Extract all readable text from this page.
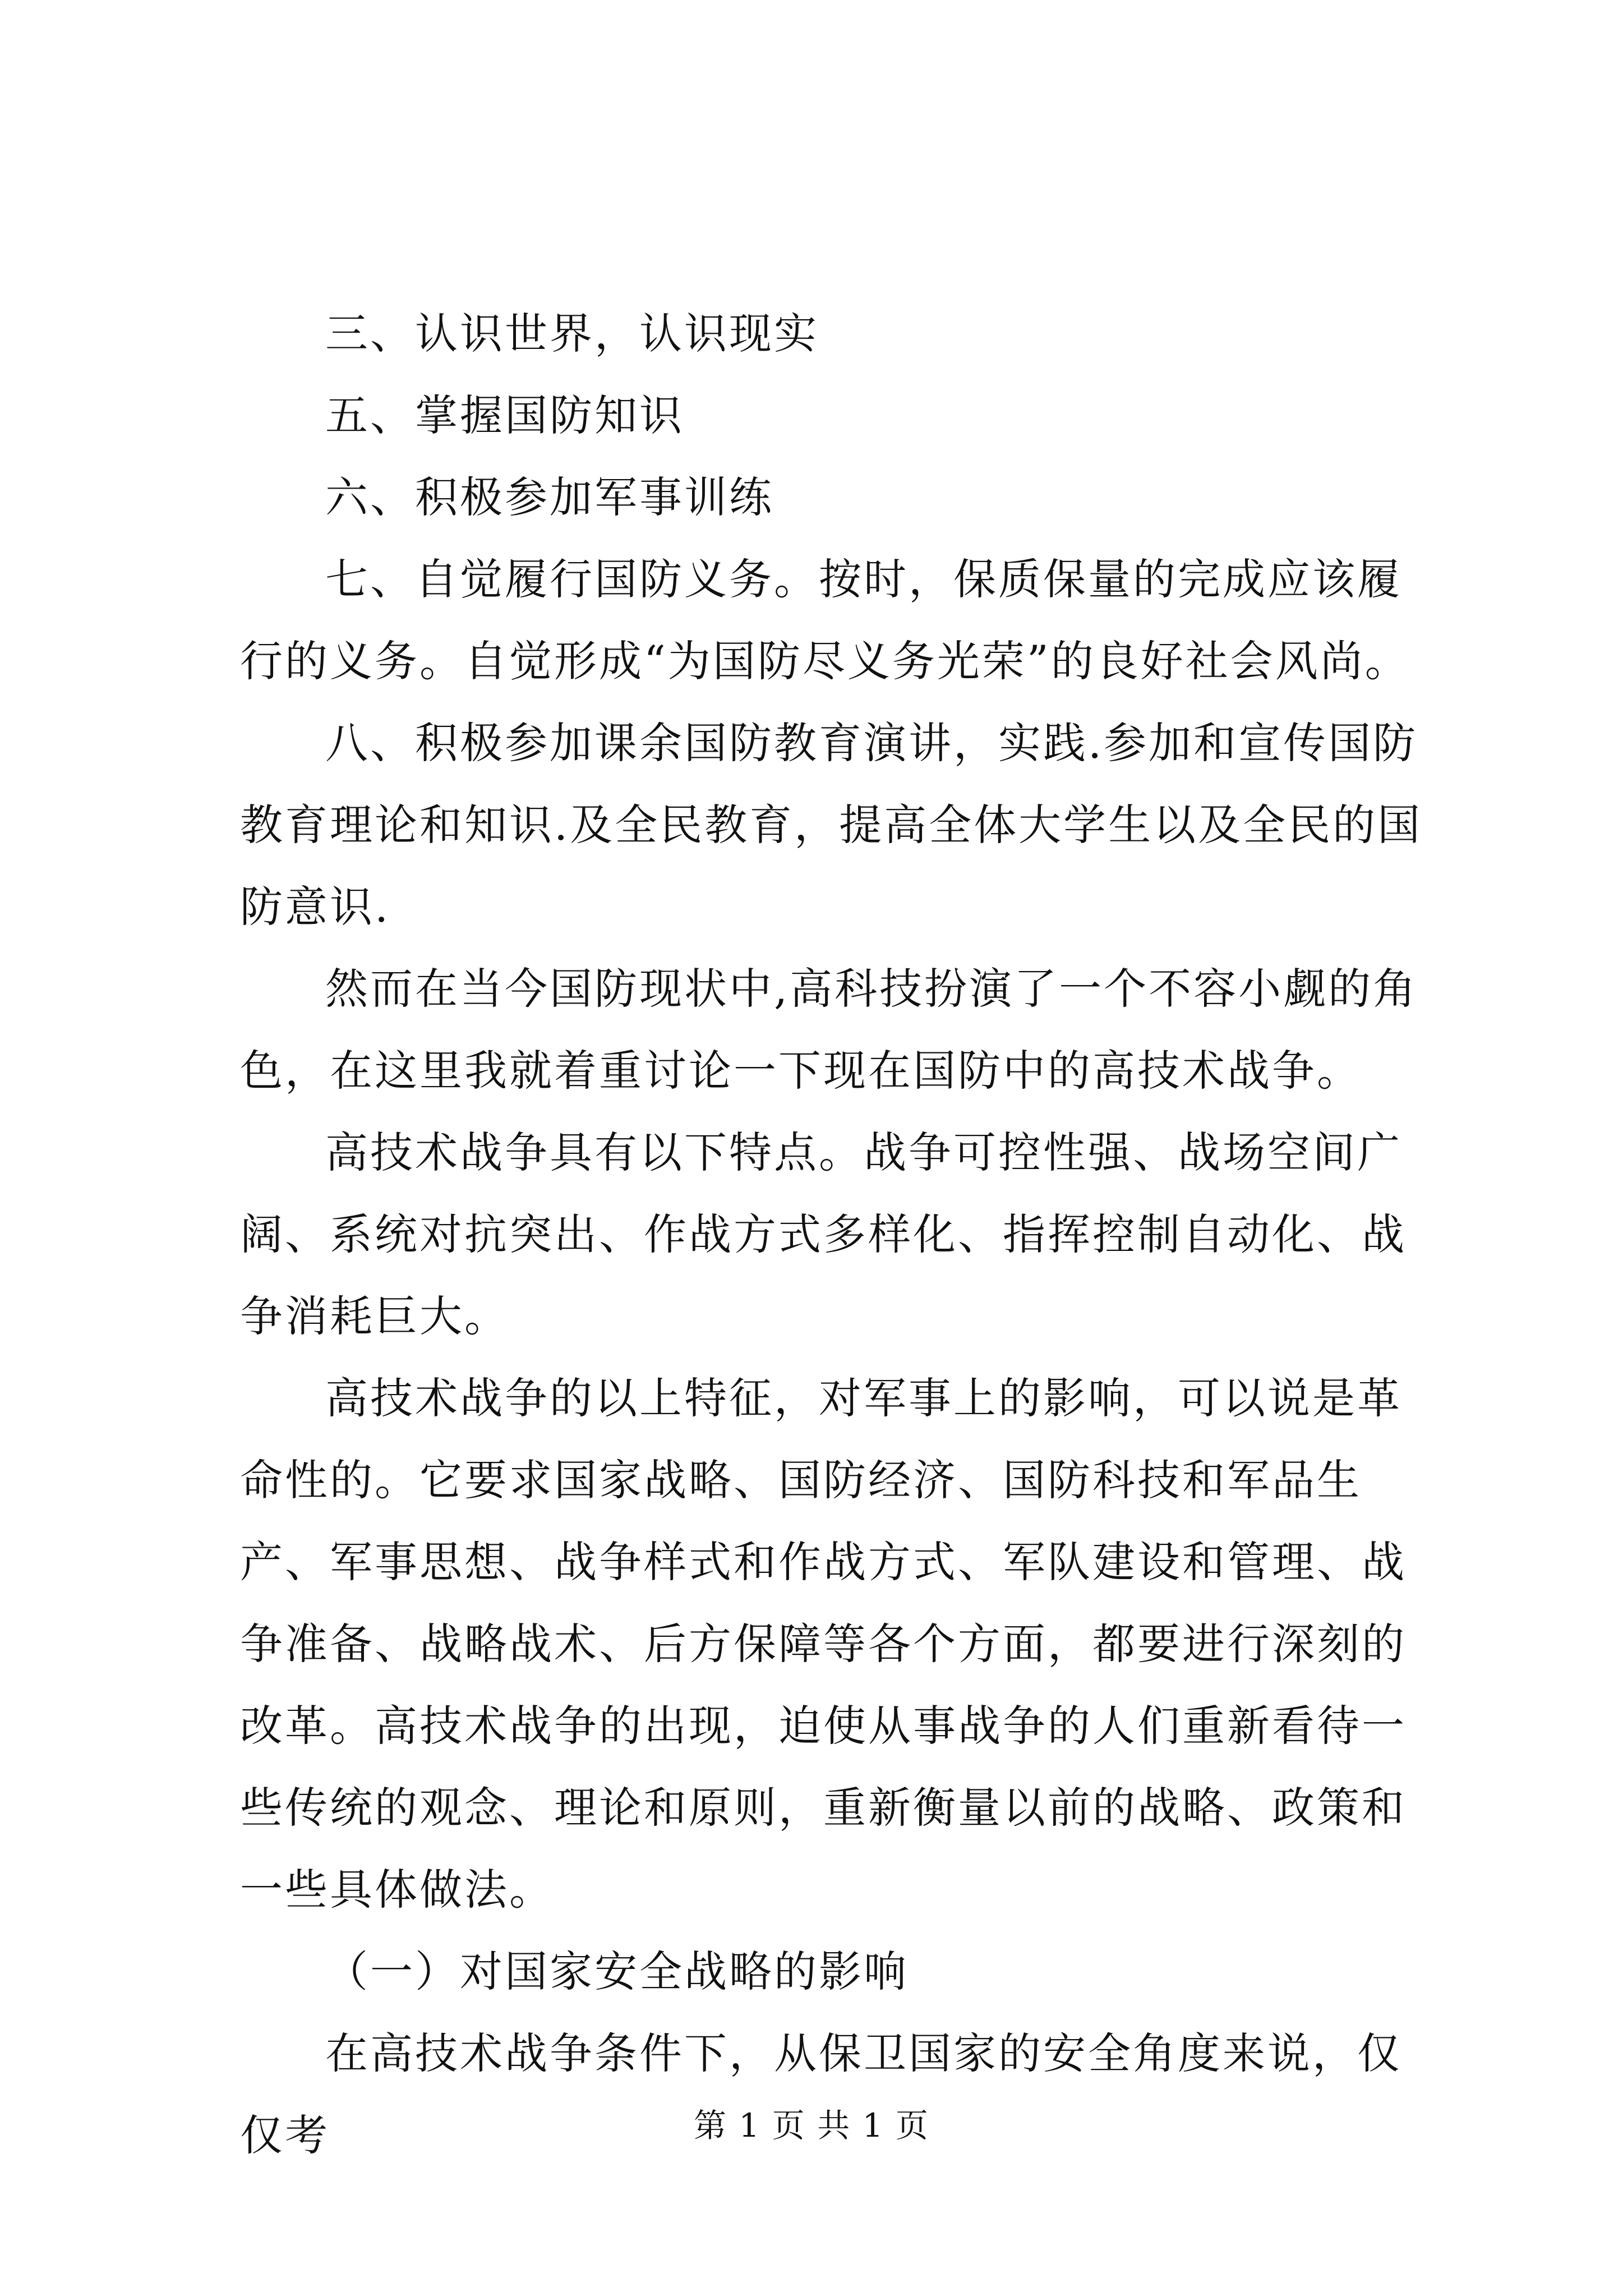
三、认识世界，认识现实

五、掌握国防知识

六、积极参加军事训练

七、自觉履行国防义务。按时，保质保量的完成应该履行的义务。自觉形成“为国防尽义务光荣”的良好社会风尚。

八、积极参加课余国防教育演讲，实践.参加和宣传国防教育理论和知识.及全民教育，提高全体大学生以及全民的国防意识.

然而在当今国防现状中,高科技扮演了一个不容小觑的角色，在这里我就着重讨论一下现在国防中的高技术战争。

高技术战争具有以下特点。战争可控性强、战场空间广阔、系统对抗突出、作战方式多样化、指挥控制自动化、战争消耗巨大。

高技术战争的以上特征，对军事上的影响，可以说是革命性的。它要求国家战略、国防经济、国防科技和军品生产、军事思想、战争样式和作战方式、军队建设和管理、战争准备、战略战术、后方保障等各个方面，都要进行深刻的改革。高技术战争的出现，迫使从事战争的人们重新看待一些传统的观念、理论和原则，重新衡量以前的战略、政策和一些具体做法。

（一）对国家安全战略的影响

在高技术战争条件下，从保卫国家的安全角度来说，仅仅考	第 1 页 共 1 页
